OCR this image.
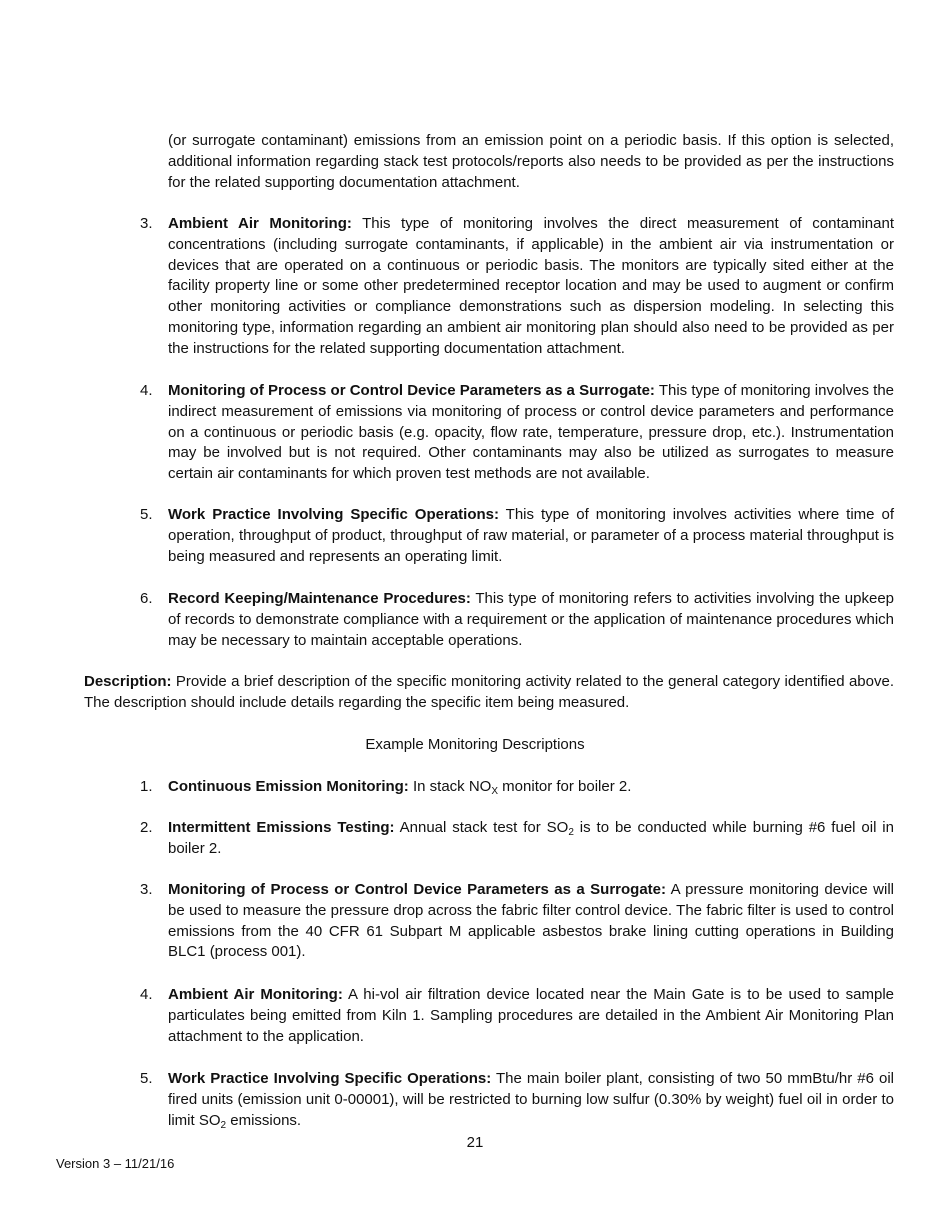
(or surrogate contaminant) emissions from an emission point on a periodic basis. If this option is selected, additional information regarding stack test protocols/reports also needs to be provided as per the instructions for the related supporting documentation attachment.
3.	Ambient Air Monitoring: This type of monitoring involves the direct measurement of contaminant concentrations (including surrogate contaminants, if applicable) in the ambient air via instrumentation or devices that are operated on a continuous or periodic basis. The monitors are typically sited either at the facility property line or some other predetermined receptor location and may be used to augment or confirm other monitoring activities or compliance demonstrations such as dispersion modeling. In selecting this monitoring type, information regarding an ambient air monitoring plan should also need to be provided as per the instructions for the related supporting documentation attachment.
4.	Monitoring of Process or Control Device Parameters as a Surrogate: This type of monitoring involves the indirect measurement of emissions via monitoring of process or control device parameters and performance on a continuous or periodic basis (e.g. opacity, flow rate, temperature, pressure drop, etc.). Instrumentation may be involved but is not required. Other contaminants may also be utilized as surrogates to measure certain air contaminants for which proven test methods are not available.
5.	Work Practice Involving Specific Operations: This type of monitoring involves activities where time of operation, throughput of product, throughput of raw material, or parameter of a process material throughput is being measured and represents an operating limit.
6.	Record Keeping/Maintenance Procedures: This type of monitoring refers to activities involving the upkeep of records to demonstrate compliance with a requirement or the application of maintenance procedures which may be necessary to maintain acceptable operations.
Description: Provide a brief description of the specific monitoring activity related to the general category identified above. The description should include details regarding the specific item being measured.
Example Monitoring Descriptions
1.	Continuous Emission Monitoring: In stack $NO_X$ monitor for boiler 2.
2.	Intermittent Emissions Testing: Annual stack test for $SO_2$ is to be conducted while burning #6 fuel oil in boiler 2.
3.	Monitoring of Process or Control Device Parameters as a Surrogate: A pressure monitoring device will be used to measure the pressure drop across the fabric filter control device. The fabric filter is used to control emissions from the 40 CFR 61 Subpart M applicable asbestos brake lining cutting operations in Building BLC1 (process 001).
4.	Ambient Air Monitoring: A hi-vol air filtration device located near the Main Gate is to be used to sample particulates being emitted from Kiln 1. Sampling procedures are detailed in the Ambient Air Monitoring Plan attachment to the application.
5.	Work Practice Involving Specific Operations: The main boiler plant, consisting of two 50 mmBtu/hr #6 oil fired units (emission unit 0-00001), will be restricted to burning low sulfur (0.30% by weight) fuel oil in order to limit $SO_2$ emissions.
21
Version 3 – 11/21/16
